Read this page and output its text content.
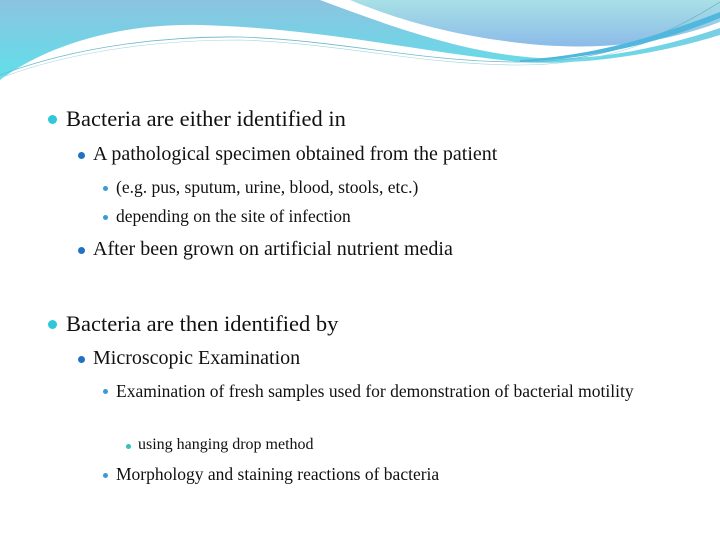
Bacteria are either identified in
A pathological specimen obtained from the patient
(e.g. pus, sputum, urine, blood, stools, etc.)
depending on the site of infection
After been grown on artificial nutrient media
Bacteria are then identified by
Microscopic Examination
Examination of fresh samples used for demonstration of bacterial motility
using hanging drop method
Morphology and staining reactions of bacteria
